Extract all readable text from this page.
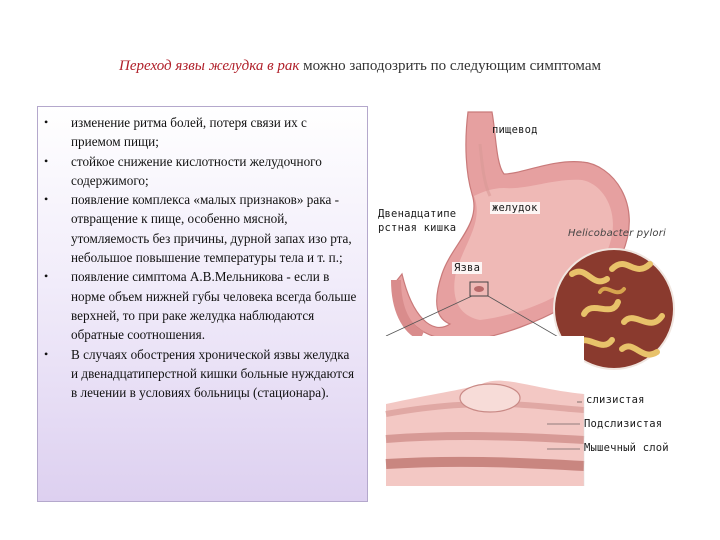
Переход язвы желудка в рак можно заподозрить по следующим симптомам
• изменение ритма болей, потеря связи их с приемом пищи;
• стойкое снижение кислотности желудочного содержимого;
• появление комплекса «малых признаков» рака - отвращение к пище, особенно мясной, утомляемость без причины, дурной запах изо рта, небольшое повышение температуры тела и т. п.;
• появление симптома А.В.Мельникова - если в норме объем нижней губы человека всегда больше верхней, то при раке желудка наблюдаются обратные соотношения.
• В случаях обострения хронической язвы желудка и двенадцатиперстной кишки больные нуждаются в лечении в условиях больницы (стационара).
пищевод
Двенадцатипе
рстная кишка
желудок
Helicobacter pylori
Язва
слизистая
Подслизистая
Мышечный слой
